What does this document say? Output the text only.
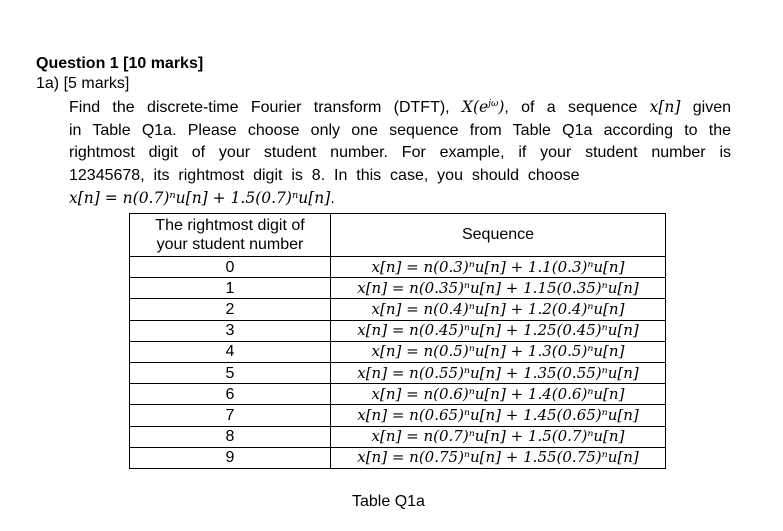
Question 1 [10 marks]
1a) [5 marks]
Find the discrete-time Fourier transform (DTFT), $X(e^{j\omega})$, of a sequence x[n] given
in Table Q1a. Please choose only one sequence from Table Q1a according to the
rightmost digit of your student number. For example, if your student number is
12345678,  its  rightmost  digit  is  8.  In  this  case,  you  should  choose
x[n] = n(0.7)ⁿu[n] + 1.5(0.7)ⁿu[n].
The rightmost digit of
your student number	Sequence
0	x[n] = n(0.3)ⁿu[n] + 1.1(0.3)ⁿu[n]
1	x[n] = n(0.35)ⁿu[n] + 1.15(0.35)ⁿu[n]
2	x[n] = n(0.4)ⁿu[n] + 1.2(0.4)ⁿu[n]
3	x[n] = n(0.45)ⁿu[n] + 1.25(0.45)ⁿu[n]
4	x[n] = n(0.5)ⁿu[n] + 1.3(0.5)ⁿu[n]
5	x[n] = n(0.55)ⁿu[n] + 1.35(0.55)ⁿu[n]
6	x[n] = n(0.6)ⁿu[n] + 1.4(0.6)ⁿu[n]
7	x[n] = n(0.65)ⁿu[n] + 1.45(0.65)ⁿu[n]
8	x[n] = n(0.7)ⁿu[n] + 1.5(0.7)ⁿu[n]
9	x[n] = n(0.75)ⁿu[n] + 1.55(0.75)ⁿu[n]
Table Q1a
